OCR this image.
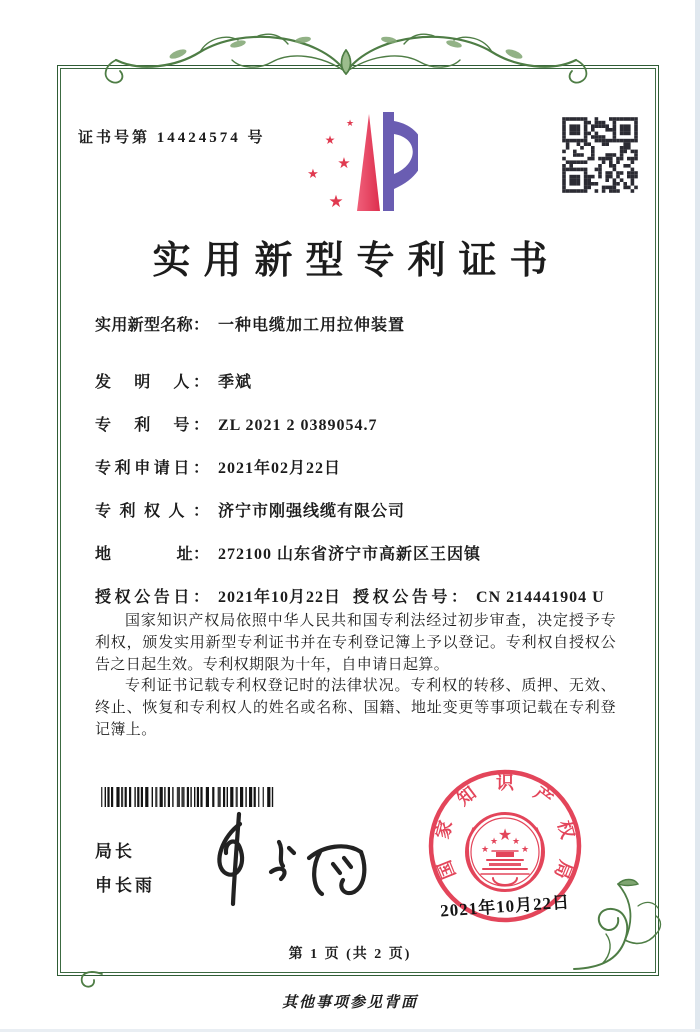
证书号第 14424574 号
★
★
★
★
★
实用新型专利证书
实用新型名称： 一种电缆加工用拉伸装置
发　明　人： 季斌
专　利　号： ZL 2021 2 0389054.7
专利申请日： 2021年02月22日
专利权人： 济宁市刚强线缆有限公司
地　　　　址： 272100 山东省济宁市高新区王因镇
授权公告日： 2021年10月22日 授权公告号： CN 214441904 U

国家知识产权局依照中华人民共和国专利法经过初步审查，决定授予专利权，颁发实用新型专利证书并在专利登记簿上予以登记。专利权自授权公告之日起生效。专利权期限为十年，自申请日起算。

专利证书记载专利权登记时的法律状况。专利权的转移、质押、无效、终止、恢复和专利权人的姓名或名称、国籍、地址变更等事项记载在专利登记簿上。

局长
申长雨
国
家
知 识 产
权
局
★
★ ★
★	★
2021年10月22日
第 1 页 (共 2 页)
其他事项参见背面
